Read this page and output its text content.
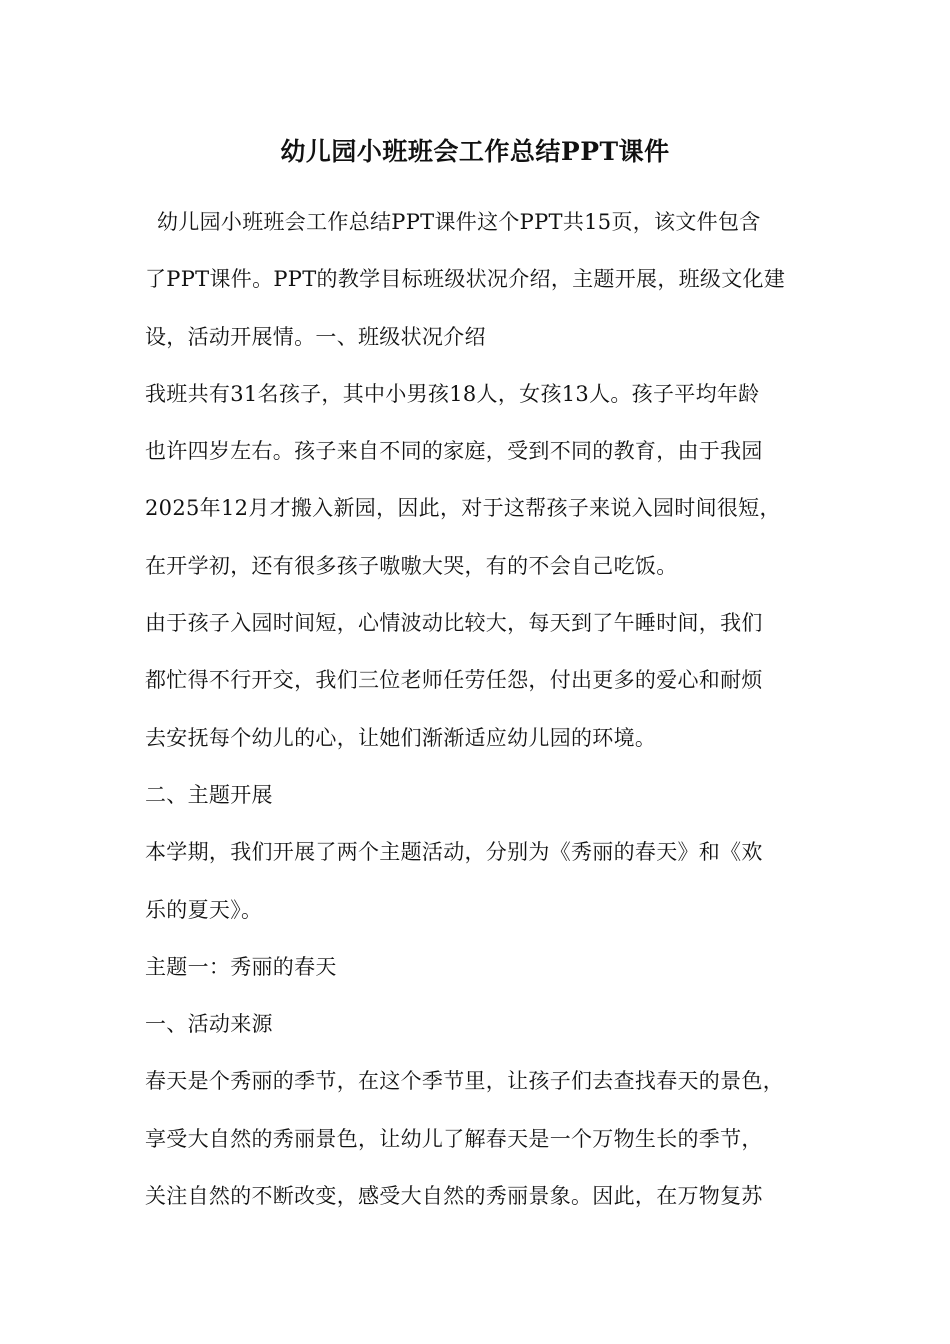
幼儿园小班班会工作总结PPT课件
幼儿园小班班会工作总结PPT课件这个PPT共15页，该文件包含
了PPT课件。PPT的教学目标班级状况介绍，主题开展，班级文化建
设，活动开展情。一、班级状况介绍
我班共有31名孩子，其中小男孩18人，女孩13人。孩子平均年龄
也许四岁左右。孩子来自不同的家庭，受到不同的教育，由于我园
2025年12月才搬入新园，因此，对于这帮孩子来说入园时间很短，
在开学初，还有很多孩子嗷嗷大哭，有的不会自己吃饭。
由于孩子入园时间短，心情波动比较大，每天到了午睡时间，我们
都忙得不行开交，我们三位老师任劳任怨，付出更多的爱心和耐烦
去安抚每个幼儿的心，让她们渐渐适应幼儿园的环境。
二、主题开展
本学期，我们开展了两个主题活动，分别为《秀丽的春天》和《欢
乐的夏天》。
主题一：秀丽的春天
一、活动来源
春天是个秀丽的季节，在这个季节里，让孩子们去查找春天的景色，
享受大自然的秀丽景色，让幼儿了解春天是一个万物生长的季节，
关注自然的不断改变，感受大自然的秀丽景象。因此，在万物复苏
